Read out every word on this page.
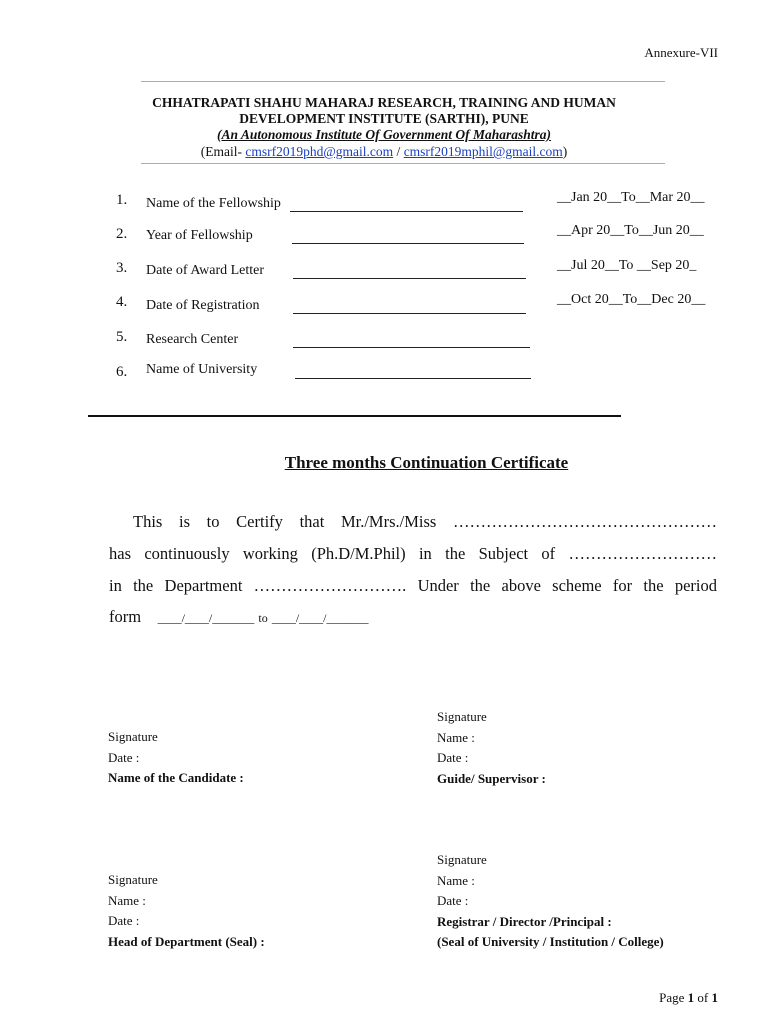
Annexure-VII
CHHATRAPATI SHAHU MAHARAJ RESEARCH, TRAINING AND HUMAN
DEVELOPMENT INSTITUTE (SARTHI), PUNE
(An Autonomous Institute Of Government Of Maharashtra)
(Email- cmsrf2019phd@gmail.com / cmsrf2019mphil@gmail.com)
1. Name of the Fellowship
2. Year of Fellowship
3. Date of Award Letter
4. Date of Registration
5. Research Center
6. Name of University
__Jan 20__To__Mar 20__
__Apr 20__To__Jun 20__
__Jul 20__To __Sep 20_
__Oct 20__To__Dec 20__
Three months Continuation Certificate
This is to Certify that Mr./Mrs./Miss …………………………………………
has continuously working (Ph.D/M.Phil) in the Subject of ………………………
in the Department ………………………. Under the above scheme for the period
form ____/____/_______ to ____/____/_______
Signature
Date :
Name of the Candidate :
Signature
Name :
Date :
Guide/ Supervisor :
Signature
Name :
Date :
Head of Department (Seal) :
Signature
Name :
Date :
Registrar / Director /Principal :
(Seal of University / Institution / College)
Page 1 of 1
